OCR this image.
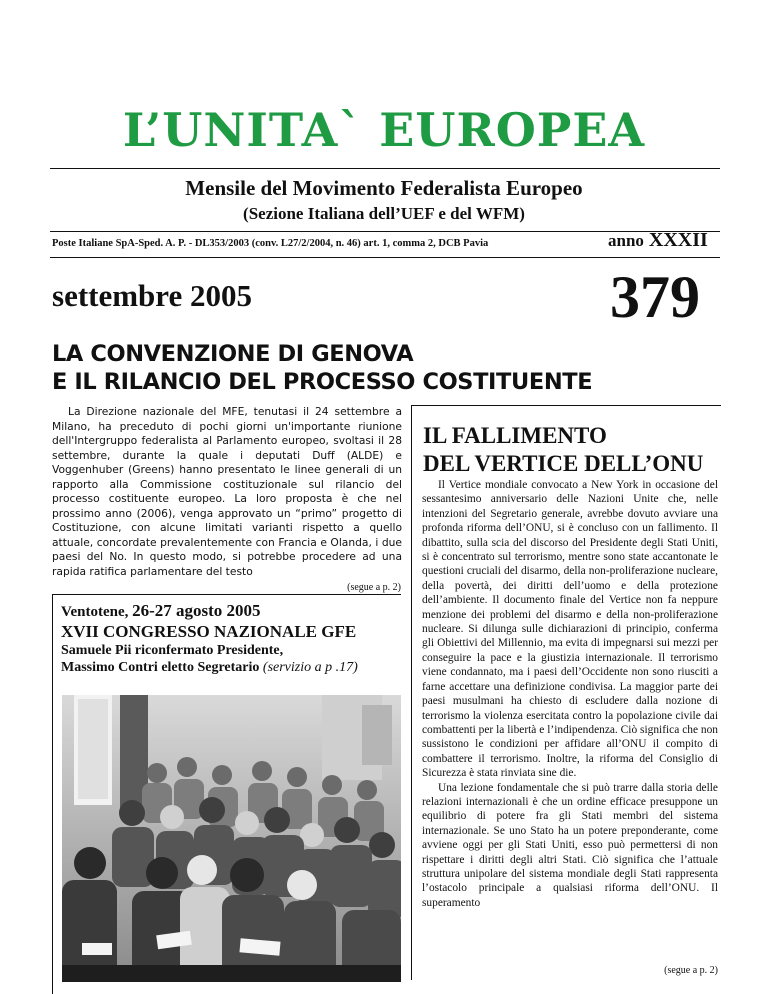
L’UNITA` EUROPEA
Mensile del Movimento Federalista Europeo
(Sezione Italiana dell’UEF e del WFM)
Poste Italiane SpA-Sped. A. P. - DL353/2003 (conv. L27/2/2004, n. 46) art. 1, comma 2, DCB Pavia	anno XXXII
settembre 2005	379
LA CONVENZIONE DI GENOVA
E IL RILANCIO DEL PROCESSO COSTITUENTE

La Direzione nazionale del MFE, tenutasi il 24 settembre a Milano, ha preceduto di pochi giorni un'importante riunione dell'Intergruppo federalista al Parlamento europeo, svoltasi il 28 settembre, durante la quale i deputati Duff (ALDE) e Voggenhuber (Greens) hanno presentato le linee generali di un rapporto alla Commissione costituzionale sul rilancio del processo costituente europeo. La loro proposta è che nel prossimo anno (2006), venga approvato un “primo” progetto di Costituzione, con alcune limitati varianti rispetto a quello attuale, concordate prevalentemente con Francia e Olanda, i due paesi del No. In questo modo, si potrebbe procedere ad una rapida ratifica parlamentare del testo

(segue a p. 2)
Ventotene, 26-27 agosto 2005
XVII CONGRESSO NAZIONALE GFE
Samuele Pii riconfermato Presidente,
Massimo Contri eletto Segretario (servizio a p .17)
IL FALLIMENTO
DEL VERTICE DELL’ONU

Il Vertice mondiale convocato a New York in occasione del sessantesimo anniversario delle Nazioni Unite che, nelle intenzioni del Segretario generale, avrebbe dovuto avviare una profonda riforma dell’ONU, si è concluso con un fallimento. Il dibattito, sulla scia del discorso del Presidente degli Stati Uniti, si è concentrato sul terrorismo, mentre sono state accantonate le questioni cruciali del disarmo, della non-proliferazione nucleare, della povertà, dei diritti dell’uomo e della protezione dell’ambiente. Il documento finale del Vertice non fa neppure menzione dei problemi del disarmo e della non-proliferazione nucleare. Si dilunga sulle dichiarazioni di principio, conferma gli Obiettivi del Millennio, ma evita di impegnarsi sui mezzi per conseguire la pace e la giustizia internazionale. Il terrorismo viene condannato, ma i paesi dell’Occidente non sono riusciti a farne accettare una definizione condivisa. La maggior parte dei paesi musulmani ha chiesto di escludere dalla nozione di terrorismo la violenza esercitata contro la popolazione civile dai combattenti per la libertà e l’indipendenza. Ciò significa che non sussistono le condizioni per affidare all’ONU il compito di combattere il terrorismo. Inoltre, la riforma del Consiglio di Sicurezza è stata rinviata sine die.

Una lezione fondamentale che si può trarre dalla storia delle relazioni internazionali è che un ordine efficace presuppone un equilibrio di potere fra gli Stati membri del sistema internazionale. Se uno Stato ha un potere preponderante, come avviene oggi per gli Stati Uniti, esso può permettersi di non rispettare i diritti degli altri Stati. Ciò significa che l’attuale struttura unipolare del sistema mondiale degli Stati rappresenta l’ostacolo principale a qualsiasi riforma dell’ONU. Il superamento

(segue a p. 2)
